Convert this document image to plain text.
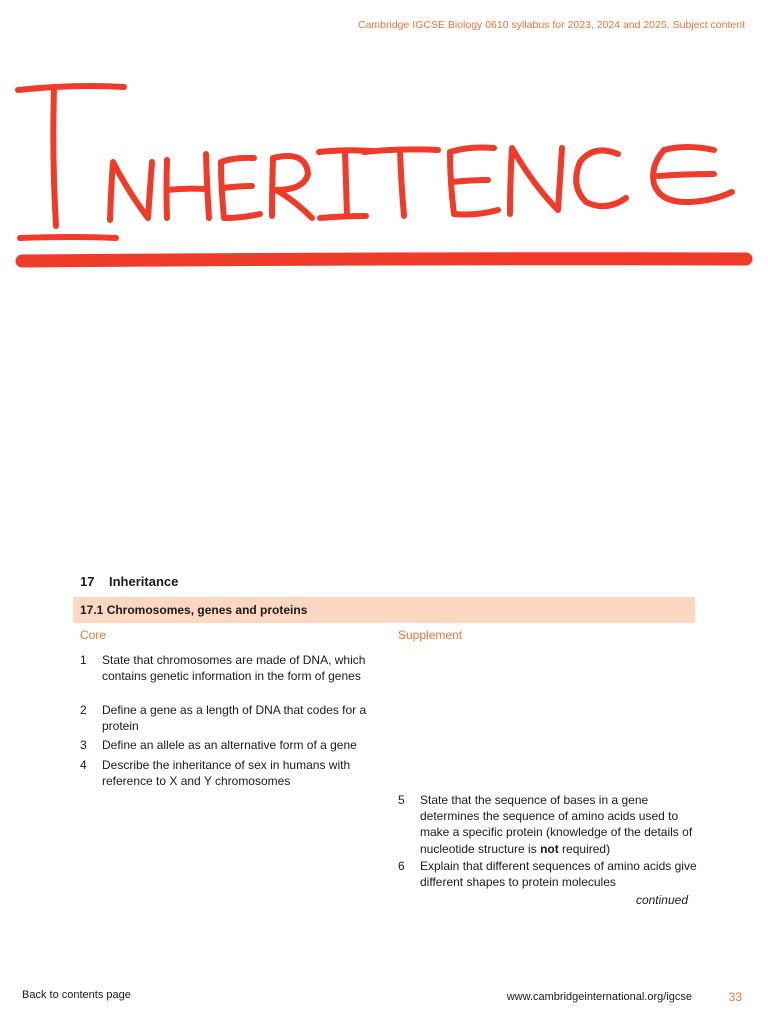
Cambridge IGCSE Biology 0610 syllabus for 2023, 2024 and 2025. Subject content
17 Inheritance
17.1 Chromosomes, genes and proteins
Core	Supplement
1 State that chromosomes are made of DNA, which contains genetic information in the form of genes
2 Define a gene as a length of DNA that codes for a protein
3 Define an allele as an alternative form of a gene
4 Describe the inheritance of sex in humans with reference to X and Y chromosomes
5 State that the sequence of bases in a gene determines the sequence of amino acids used to make a specific protein (knowledge of the details of nucleotide structure is not required)
6 Explain that different sequences of amino acids give different shapes to protein molecules
continued
Back to contents page	www.cambridgeinternational.org/igcse	33
